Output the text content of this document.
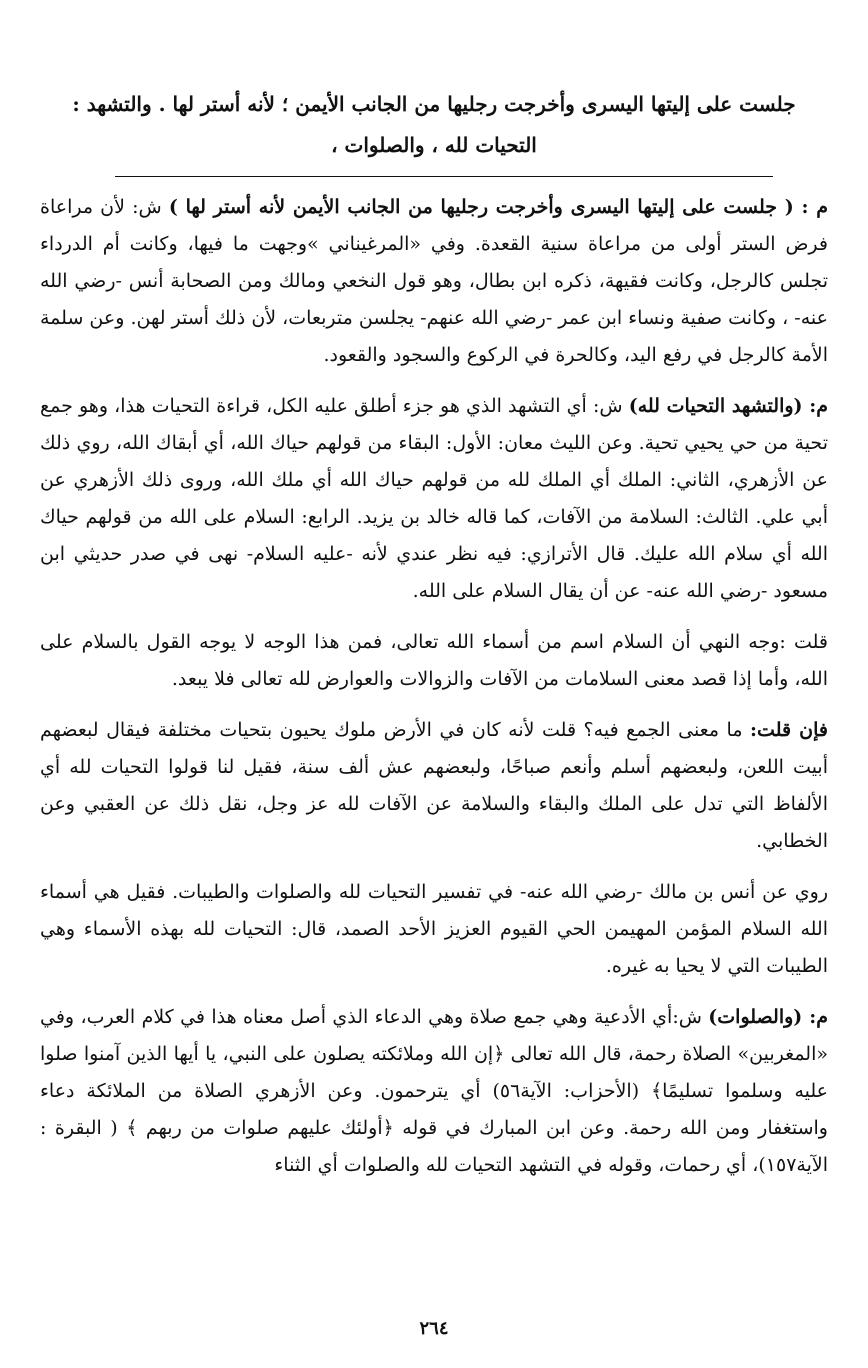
جلست على إليتها اليسرى وأخرجت رجليها من الجانب الأيمن ؛ لأنه أستر لها . والتشهد : التحيات لله ، والصلوات ،

م : ( جلست على إليتها اليسرى وأخرجت رجليها من الجانب الأيمن لأنه أستر لها ) ش: لأن مراعاة فرض الستر أولى من مراعاة سنية القعدة. وفي «المرغيناني »وجهت ما فيها، وكانت أم الدرداء تجلس كالرجل، وكانت فقيهة، ذكره ابن بطال، وهو قول النخعي ومالك ومن الصحابة أنس -رضي الله عنه- ، وكانت صفية ونساء ابن عمر -رضي الله عنهم- يجلسن متربعات، لأن ذلك أستر لهن. وعن سلمة الأمة كالرجل في رفع اليد، وكالحرة في الركوع والسجود والقعود.

م: (والتشهد التحيات لله) ش: أي التشهد الذي هو جزء أطلق عليه الكل، قراءة التحيات هذا، وهو جمع تحية من حي يحيي تحية. وعن الليث معان: الأول: البقاء من قولهم حياك الله، أي أبقاك الله، روي ذلك عن الأزهري، الثاني: الملك أي الملك لله من قولهم حياك الله أي ملك الله، وروى ذلك الأزهري عن أبي علي. الثالث: السلامة من الآفات، كما قاله خالد بن يزيد. الرابع: السلام على الله من قولهم حياك الله أي سلام الله عليك. قال الأترازي: فيه نظر عندي لأنه -عليه السلام- نهى في صدر حديثي ابن مسعود -رضي الله عنه- عن أن يقال السلام على الله.

قلت :وجه النهي أن السلام اسم من أسماء الله تعالى، فمن هذا الوجه لا يوجه القول بالسلام على الله، وأما إذا قصد معنى السلامات من الآفات والزوالات والعوارض لله تعالى فلا يبعد.

فإن قلت: ما معنى الجمع فيه؟ قلت لأنه كان في الأرض ملوك يحيون بتحيات مختلفة فيقال لبعضهم أبيت اللعن، ولبعضهم أسلم وأنعم صباحًا، ولبعضهم عش ألف سنة، فقيل لنا قولوا التحيات لله أي الألفاظ التي تدل على الملك والبقاء والسلامة عن الآفات لله عز وجل، نقل ذلك عن العقبي وعن الخطابي.

روي عن أنس بن مالك -رضي الله عنه- في تفسير التحيات لله والصلوات والطيبات. فقيل هي أسماء الله السلام المؤمن المهيمن الحي القيوم العزيز الأحد الصمد، قال: التحيات لله بهذه الأسماء وهي الطيبات التي لا يحيا به غيره.

م: (والصلوات) ش:أي الأدعية وهي جمع صلاة وهي الدعاء الذي أصل معناه هذا في كلام العرب، وفي «المغربين» الصلاة رحمة، قال الله تعالى ﴿إن الله وملائكته يصلون على النبي، يا أيها الذين آمنوا صلوا عليه وسلموا تسليمًا﴾ (الأحزاب: الآية٥٦) أي يترحمون. وعن الأزهري الصلاة من الملائكة دعاء واستغفار ومن الله رحمة. وعن ابن المبارك في قوله ﴿أولئك عليهم صلوات من ربهم ﴾ ( البقرة : الآية١٥٧)، أي رحمات، وقوله في التشهد التحيات لله والصلوات أي الثناء

٢٦٤
